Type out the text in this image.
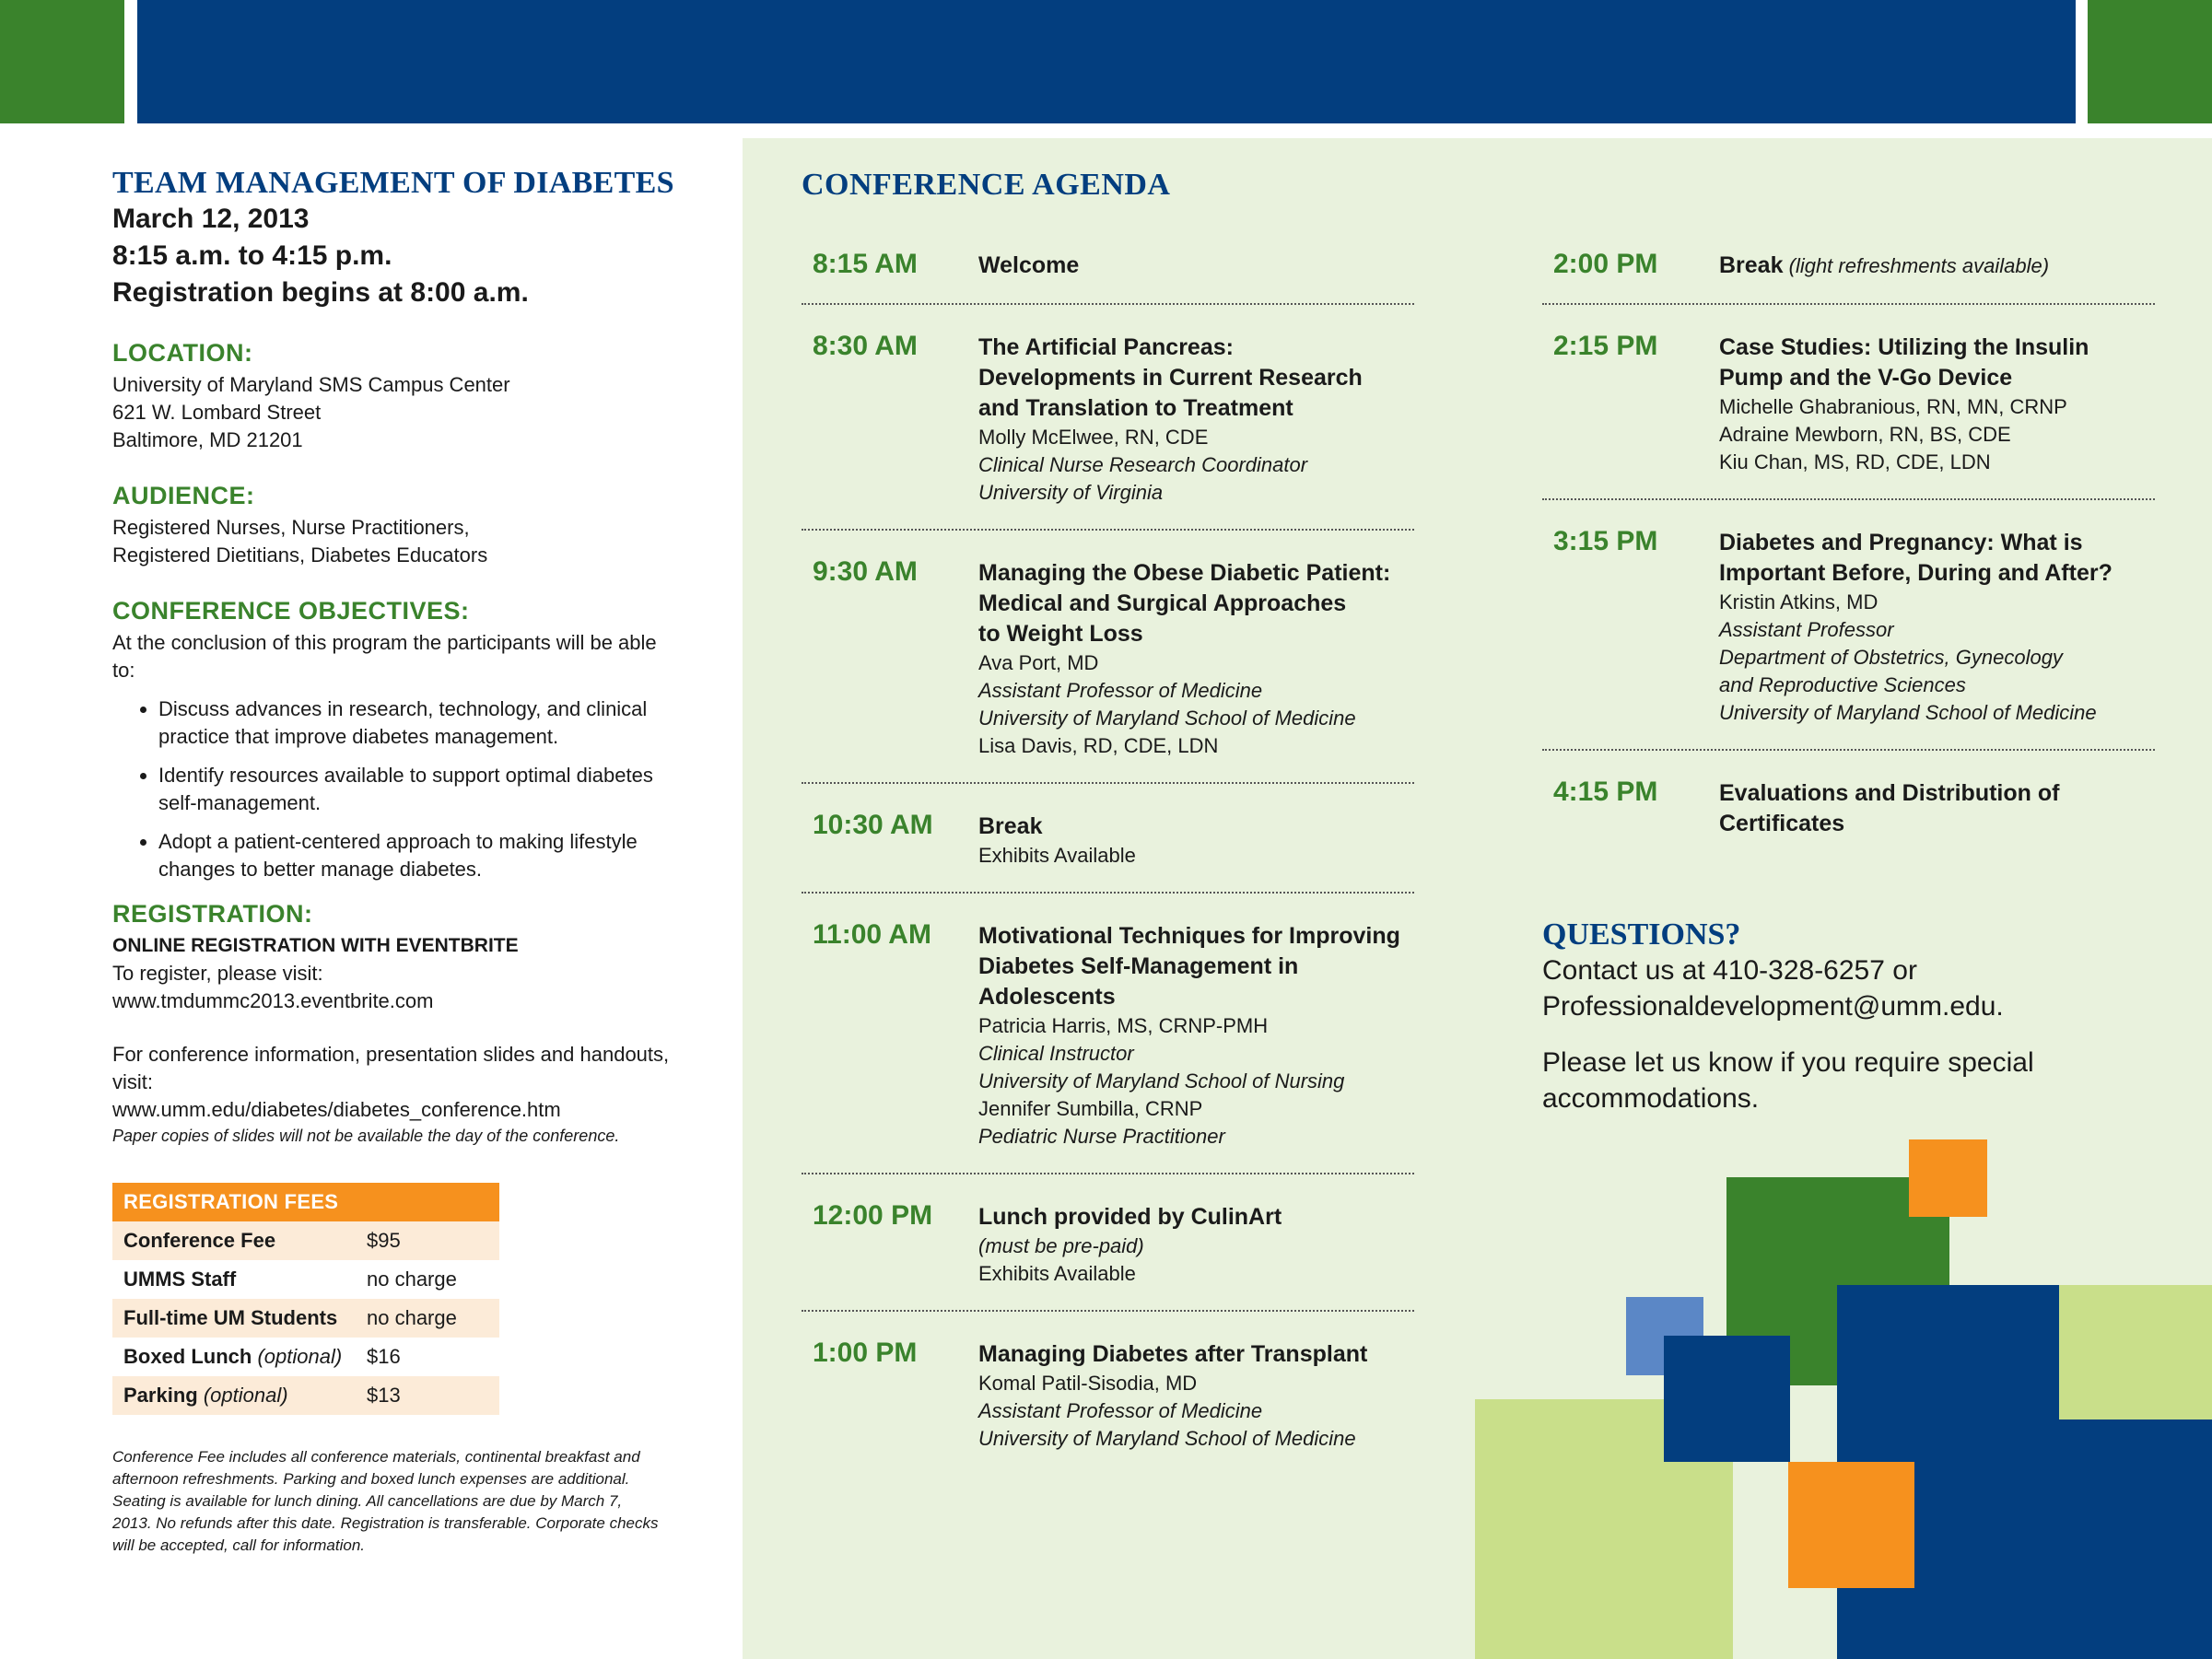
TEAM MANAGEMENT OF DIABETES

March 12, 2013

8:15 a.m. to 4:15 p.m.

Registration begins at 8:00 a.m.

LOCATION:

University of Maryland SMS Campus Center

621 W. Lombard Street

Baltimore, MD 21201

AUDIENCE:

Registered Nurses, Nurse Practitioners,

Registered Dietitians, Diabetes Educators

CONFERENCE OBJECTIVES:

At the conclusion of this program the participants will be able to:

• Discuss advances in research, technology, and clinical practice that improve diabetes management.
• Identify resources available to support optimal diabetes self-management.
• Adopt a patient-centered approach to making lifestyle changes to better manage diabetes.
REGISTRATION:

ONLINE REGISTRATION WITH EVENTBRITE

To register, please visit:

www.tmdummc2013.eventbrite.com

For conference information, presentation slides and handouts, visit:

www.umm.edu/diabetes/diabetes_conference.htm

Paper copies of slides will not be available the day of the conference.

REGISTRATION FEES	
Conference Fee	$95
UMMS Staff	no charge
Full-time UM Students	no charge
Boxed Lunch (optional)	$16
Parking (optional)	$13

Conference Fee includes all conference materials, continental breakfast and afternoon refreshments. Parking and boxed lunch expenses are additional. Seating is available for lunch dining. All cancellations are due by March 7, 2013. No refunds after this date. Registration is transferable. Corporate checks will be accepted, call for information.

CONFERENCE AGENDA
8:15 AM	Welcome

8:30 AM	The Artificial Pancreas:

Developments in Current Research

and Translation to Treatment

Molly McElwee, RN, CDE

Clinical Nurse Research Coordinator

University of Virginia

9:30 AM	Managing the Obese Diabetic Patient:

Medical and Surgical Approaches

to Weight Loss

Ava Port, MD

Assistant Professor of Medicine

University of Maryland School of Medicine

Lisa Davis, RD, CDE, LDN

10:30 AM	Break

Exhibits Available

11:00 AM	Motivational Techniques for Improving

Diabetes Self-Management in

Adolescents

Patricia Harris, MS, CRNP-PMH

Clinical Instructor

University of Maryland School of Nursing

Jennifer Sumbilla, CRNP

Pediatric Nurse Practitioner

12:00 PM	Lunch provided by CulinArt

(must be pre-paid)

Exhibits Available

1:00 PM	Managing Diabetes after Transplant

Komal Patil-Sisodia, MD

Assistant Professor of Medicine

University of Maryland School of Medicine

2:00 PM	Break (light refreshments available)

2:15 PM	Case Studies: Utilizing the Insulin

Pump and the V-Go Device

Michelle Ghabranious, RN, MN, CRNP

Adraine Mewborn, RN, BS, CDE

Kiu Chan, MS, RD, CDE, LDN

3:15 PM	Diabetes and Pregnancy: What is

Important Before, During and After?

Kristin Atkins, MD

Assistant Professor

Department of Obstetrics, Gynecology

and Reproductive Sciences

University of Maryland School of Medicine

4:15 PM	Evaluations and Distribution of

Certificates

QUESTIONS?

Contact us at 410-328-6257 or

Professionaldevelopment@umm.edu.

Please let us know if you require special

accommodations.
